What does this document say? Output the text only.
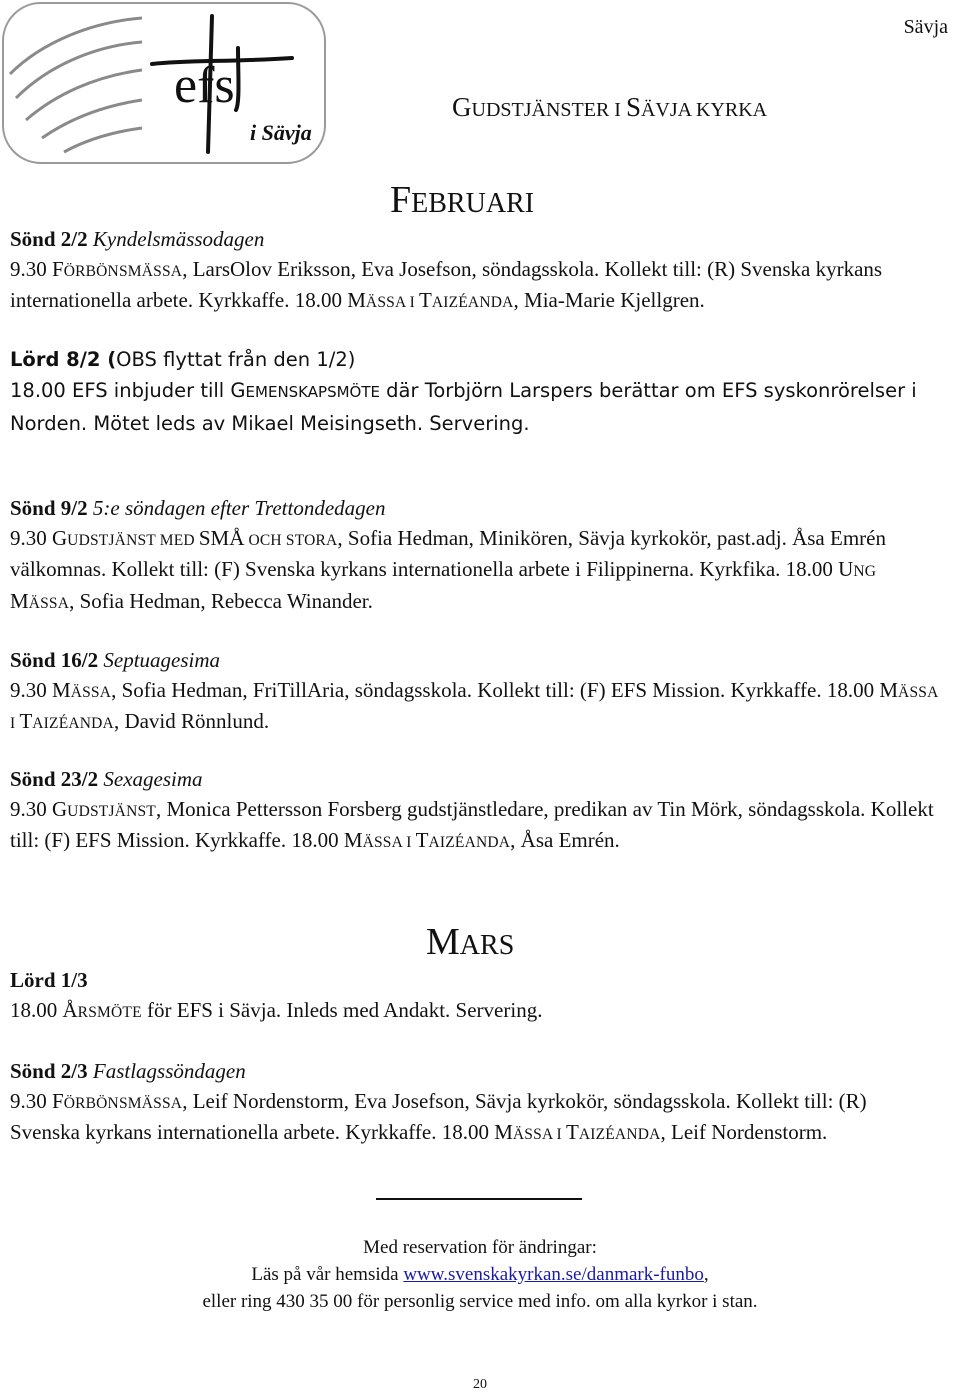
Sävja
efs
i Sävja
GUDSTJÄNSTER I SÄVJA KYRKA
FEBRUARI
Sönd 2/2 Kyndelsmässodagen
9.30 FÖRBÖNSMÄSSA, LarsOlov Eriksson, Eva Josefson, söndagsskola. Kollekt till: (R) Svenska kyrkans internationella arbete. Kyrkkaffe. 18.00 MÄSSA I TAIZÉANDA, Mia-Marie Kjellgren.
Lörd 8/2 (OBS flyttat från den 1/2)
18.00 EFS inbjuder till GEMENSKAPSMÖTE där Torbjörn Larspers berättar om EFS syskonrörelser i Norden. Mötet leds av Mikael Meisingseth. Servering.
Sönd 9/2 5:e söndagen efter Trettondedagen
9.30 GUDSTJÄNST MED SMÅ OCH STORA, Sofia Hedman, Minikören, Sävja kyrkokör, past.adj. Åsa Emrén välkomnas. Kollekt till: (F) Svenska kyrkans internationella arbete i Filippinerna. Kyrkfika. 18.00 UNG MÄSSA, Sofia Hedman, Rebecca Winander.
Sönd 16/2 Septuagesima
9.30 MÄSSA, Sofia Hedman, FriTillAria, söndagsskola. Kollekt till: (F) EFS Mission. Kyrkkaffe. 18.00 MÄSSA I TAIZÉANDA, David Rönnlund.
Sönd 23/2 Sexagesima
9.30 GUDSTJÄNST, Monica Pettersson Forsberg gudstjänstledare, predikan av Tin Mörk, söndagsskola. Kollekt till: (F) EFS Mission. Kyrkkaffe. 18.00 MÄSSA I TAIZÉANDA, Åsa Emrén.
MARS
Lörd 1/3
18.00 ÅRSMÖTE för EFS i Sävja. Inleds med Andakt. Servering.
Sönd 2/3 Fastlagssöndagen
9.30 FÖRBÖNSMÄSSA, Leif Nordenstorm, Eva Josefson, Sävja kyrkokör, söndagsskola. Kollekt till: (R) Svenska kyrkans internationella arbete. Kyrkkaffe. 18.00 MÄSSA I TAIZÉANDA, Leif Nordenstorm.
Med reservation för ändringar:
Läs på vår hemsida www.svenskakyrkan.se/danmark-funbo,
eller ring 430 35 00 för personlig service med info. om alla kyrkor i stan.
20
